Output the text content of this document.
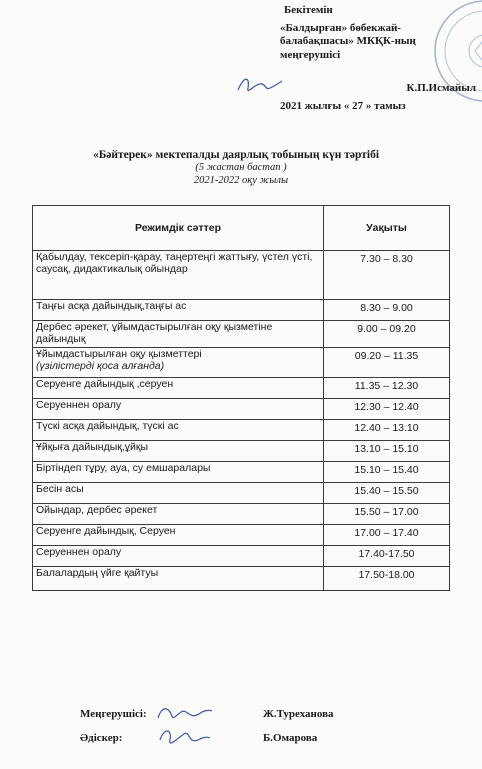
Бекітемін
«Балдырған» бөбекжай-
балабақшасы» МКҚК-ның
меңгерушісі
К.П.Исмайыл
2021 жылғы « 27 » тамыз
«Бәйтерек» мектепалды даярлық тобының күн тәртібі
(5 жастан бастап )
2021-2022 оқу жылы
Режимдік сәттер	Уақыты
Қабылдау, тексеріп-қарау, таңертеңгі жаттығу, үстел үсті, саусақ, дидактикалық ойындар	7.30 – 8.30
Таңғы асқа дайындық,таңғы ас	8.30 – 9.00
Дербес әрекет, ұйымдастырылған оқу қызметіне дайындық	9.00 – 09.20
Ұйымдастырылған оқу қызметтері
(үзілістерді қоса алғанда)	09.20 – 11.35
Серуенге дайындық ,серуен	11.35 – 12.30
Серуеннен оралу	12.30 – 12.40
Түскі асқа дайындық, түскі ас	12.40 – 13.10
Ұйқыға дайындық,ұйқы	13.10 – 15.10
Біртіндеп тұру, ауа, су емшаралары	15.10 – 15.40
Бесін асы	15.40 – 15.50
Ойындар, дербес әрекет	15.50 – 17.00
Серуенге дайындық, Серуен	17.00 – 17.40
Серуеннен оралу	17.40-17.50
Балалардың үйге қайтуы	17.50-18.00
Меңгерушісі:	Ж.Туреханова
Әдіскер:	Б.Омарова
